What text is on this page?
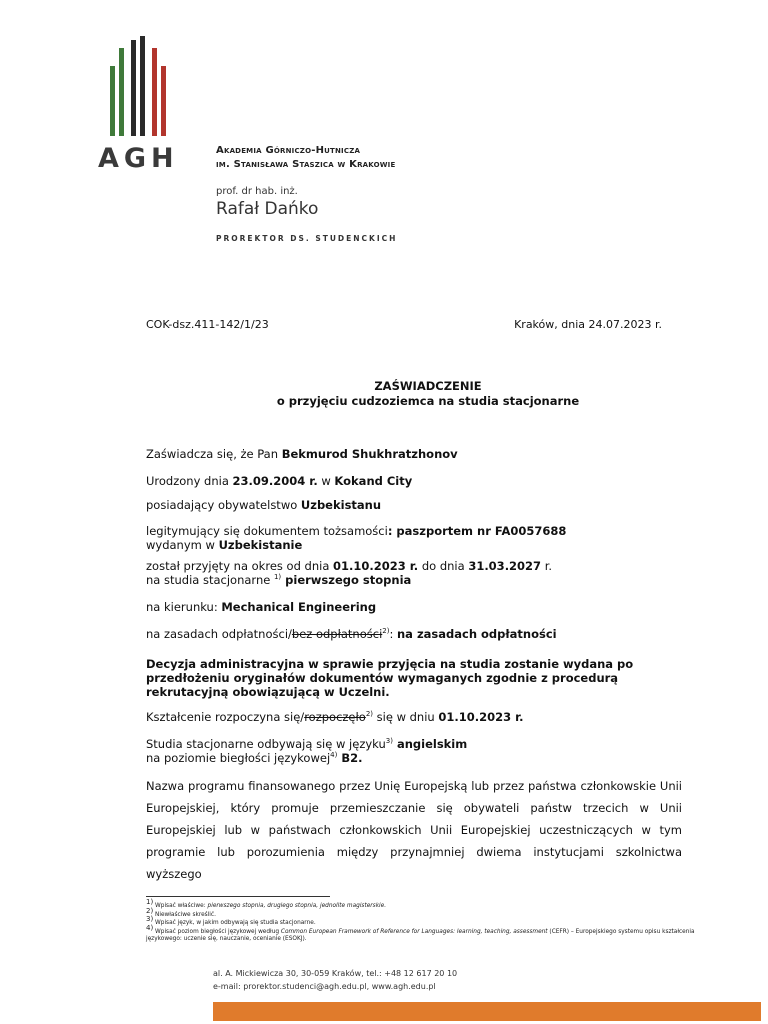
AGH	Akademia Górniczo-Hutnicza
im. Stanisława Staszica w Krakowie
prof. dr hab. inż.
Rafał Dańko
PROREKTOR DS. STUDENCKICH
COK-dsz.411-142/1/23	Kraków, dnia 24.07.2023 r.
ZAŚWIADCZENIE
o przyjęciu cudzoziemca na studia stacjonarne
Zaświadcza się, że Pan Bekmurod Shukhratzhonov
Urodzony dnia 23.09.2004 r. w Kokand City
posiadający obywatelstwo Uzbekistanu
legitymujący się dokumentem tożsamości: paszportem nr FA0057688
wydanym w Uzbekistanie
został przyjęty na okres od dnia 01.10.2023 r. do dnia 31.03.2027 r.
na studia stacjonarne $^{1)}$ pierwszego stopnia
na kierunku: Mechanical Engineering
na zasadach odpłatności/bez odpłatności$^{2)}$: na zasadach odpłatności
Decyzja administracyjna w sprawie przyjęcia na studia zostanie wydana po
przedłożeniu oryginałów dokumentów wymaganych zgodnie z procedurą
rekrutacyjną obowiązującą w Uczelni.
Kształcenie rozpoczyna się/rozpoczęło$^{2)}$ się w dniu 01.10.2023 r.
Studia stacjonarne odbywają się w języku$^{3)}$ angielskim
na poziomie biegłości językowej$^{4)}$ B2.
Nazwa programu finansowanego przez Unię Europejską lub przez państwa członkowskie Unii Europejskiej, który promuje przemieszczanie się obywateli państw trzecich w Unii Europejskiej lub w państwach członkowskich Unii Europejskiej uczestniczących w tym programie lub porozumienia między przynajmniej dwiema instytucjami szkolnictwa wyższego
$^{1)}$ Wpisać właściwe: pierwszego stopnia, drugiego stopnia, jednolite magisterskie.
$^{2)}$ Niewłaściwe skreślić.
$^{3)}$ Wpisać język, w jakim odbywają się studia stacjonarne.
$^{4)}$ Wpisać poziom biegłości językowej według Common European Framework of Reference for Languages: learning, teaching, assessment (CEFR) – Europejskiego systemu opisu kształcenia językowego: uczenie się, nauczanie, ocenianie (ESOKJ).
al. A. Mickiewicza 30, 30-059 Kraków, tel.: +48 12 617 20 10
e-mail: prorektor.studenci@agh.edu.pl, www.agh.edu.pl
